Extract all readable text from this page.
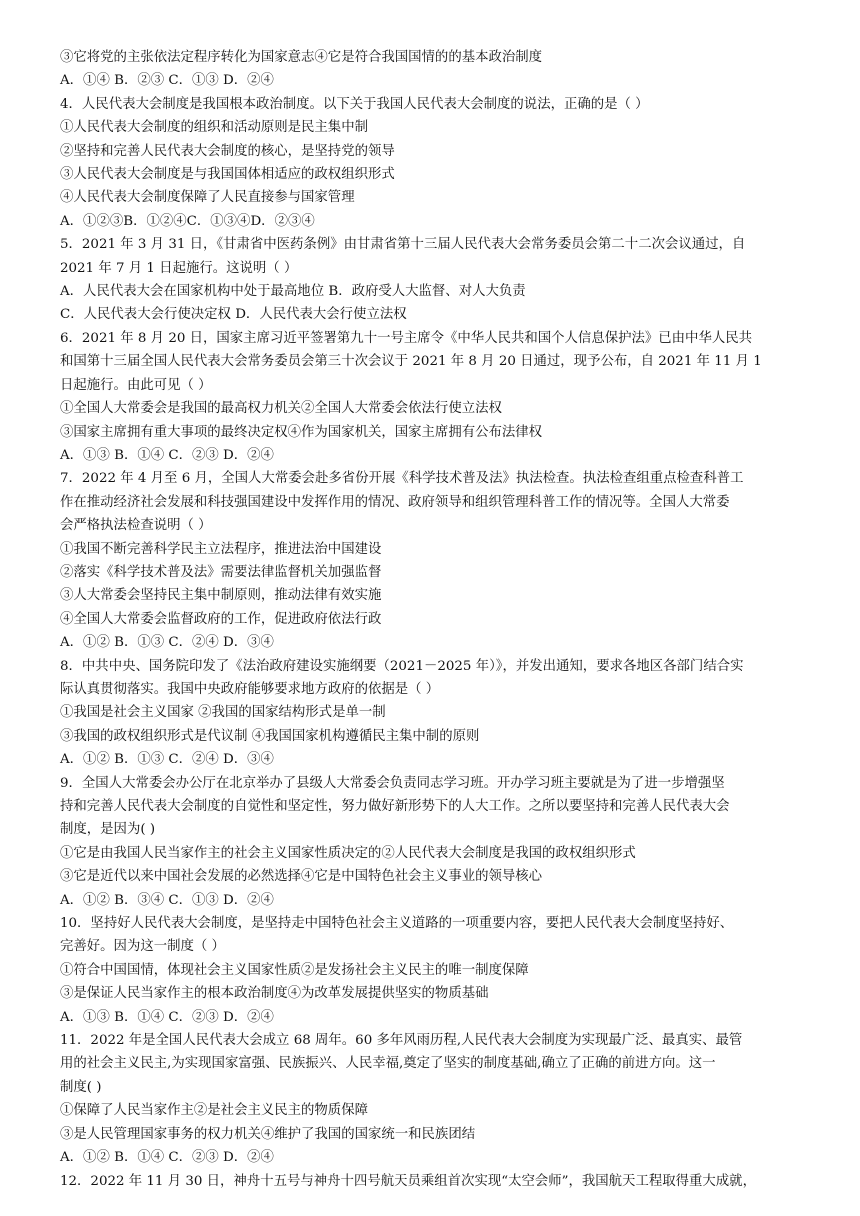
③它将党的主张依法定程序转化为国家意志④它是符合我国国情的的基本政治制度
A．①④ B．②③ C．①③ D．②④
4．人民代表大会制度是我国根本政治制度。以下关于我国人民代表大会制度的说法，正确的是（ ）
①人民代表大会制度的组织和活动原则是民主集中制
②坚持和完善人民代表大会制度的核心，是坚持党的领导
③人民代表大会制度是与我国国体相适应的政权组织形式
④人民代表大会制度保障了人民直接参与国家管理
A．①②③B．①②④C．①③④D．②③④
5．2021 年 3 月 31 日，《甘肃省中医药条例》由甘肃省第十三届人民代表大会常务委员会第二十二次会议通过，自
2021 年 7 月 1 日起施行。这说明（ ）
A．人民代表大会在国家机构中处于最高地位 B．政府受人大监督、对人大负责
C．人民代表大会行使决定权 D．人民代表大会行使立法权
6．2021 年 8 月 20 日，国家主席习近平签署第九十一号主席令《中华人民共和国个人信息保护法》已由中华人民共
和国第十三届全国人民代表大会常务委员会第三十次会议于 2021 年 8 月 20 日通过，现予公布，自 2021 年 11 月 1
日起施行。由此可见（ ）
①全国人大常委会是我国的最高权力机关②全国人大常委会依法行使立法权
③国家主席拥有重大事项的最终决定权④作为国家机关，国家主席拥有公布法律权
A．①③ B．①④ C．②③ D．②④
7．2022 年 4 月至 6 月，全国人大常委会赴多省份开展《科学技术普及法》执法检查。执法检查组重点检查科普工
作在推动经济社会发展和科技强国建设中发挥作用的情况、政府领导和组织管理科普工作的情况等。全国人大常委
会严格执法检查说明（ ）
①我国不断完善科学民主立法程序，推进法治中国建设
②落实《科学技术普及法》需要法律监督机关加强监督
③人大常委会坚持民主集中制原则，推动法律有效实施
④全国人大常委会监督政府的工作，促进政府依法行政
A．①② B．①③ C．②④ D．③④
8．中共中央、国务院印发了《法治政府建设实施纲要（2021－2025 年）》，并发出通知，要求各地区各部门结合实
际认真贯彻落实。我国中央政府能够要求地方政府的依据是（ ）
①我国是社会主义国家 ②我国的国家结构形式是单一制
③我国的政权组织形式是代议制 ④我国国家机构遵循民主集中制的原则
A．①② B．①③ C．②④ D．③④
9．全国人大常委会办公厅在北京举办了县级人大常委会负责同志学习班。开办学习班主要就是为了进一步增强坚
持和完善人民代表大会制度的自觉性和坚定性，努力做好新形势下的人大工作。之所以要坚持和完善人民代表大会
制度，是因为( )
①它是由我国人民当家作主的社会主义国家性质决定的②人民代表大会制度是我国的政权组织形式
③它是近代以来中国社会发展的必然选择④它是中国特色社会主义事业的领导核心
A．①② B．③④ C．①③ D．②④
10．坚持好人民代表大会制度，是坚持走中国特色社会主义道路的一项重要内容，要把人民代表大会制度坚持好、
完善好。因为这一制度（ ）
①符合中国国情，体现社会主义国家性质②是发扬社会主义民主的唯一制度保障
③是保证人民当家作主的根本政治制度④为改革发展提供坚实的物质基础
A．①③ B．①④ C．②③ D．②④
11．2022 年是全国人民代表大会成立 68 周年。60 多年风雨历程,人民代表大会制度为实现最广泛、最真实、最管
用的社会主义民主,为实现国家富强、民族振兴、人民幸福,奠定了坚实的制度基础,确立了正确的前进方向。这一
制度( )
①保障了人民当家作主②是社会主义民主的物质保障
③是人民管理国家事务的权力机关④维护了我国的国家统一和民族团结
A．①② B．①④ C．②③ D．②④
12．2022 年 11 月 30 日，神舟十五号与神舟十四号航天员乘组首次实现“太空会师”，我国航天工程取得重大成就，
